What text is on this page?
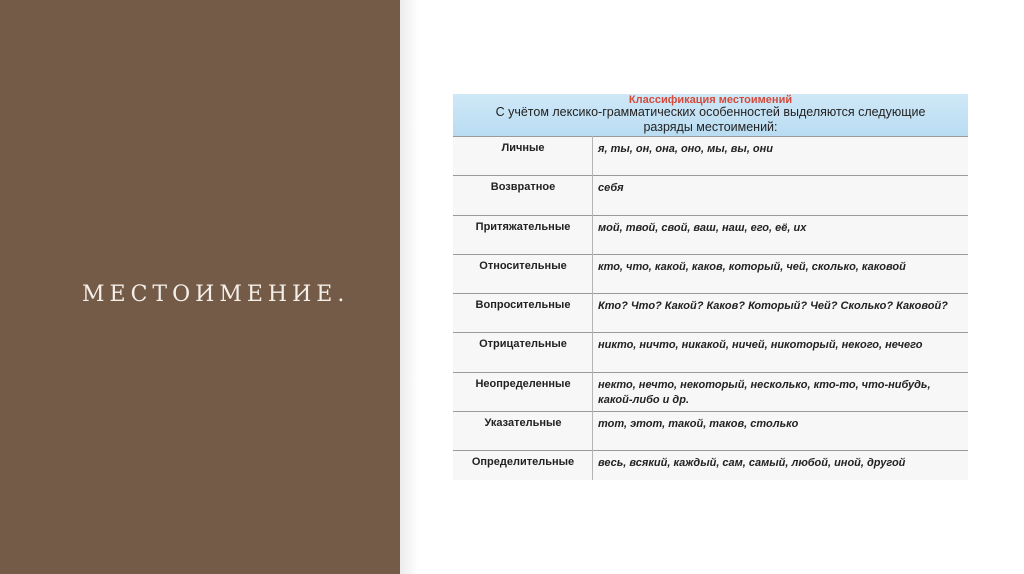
МЕСТОИМЕНИЕ.
Классификация местоимений
С учётом лексико-грамматических особенностей выделяются следующие разряды местоимений:
Личные	я, ты, он, она, оно, мы, вы, они
Возвратное	себя
Притяжательные	мой, твой, свой, ваш, наш, его, её, их
Относительные	кто, что, какой, каков, который, чей, сколько, каковой
Вопросительные	Кто? Что? Какой? Каков? Который? Чей? Сколько? Каковой?
Отрицательные	никто, ничто, никакой, ничей, никоторый, некого, нечего
Неопределенные	некто, нечто, некоторый, несколько, кто-то, что-нибудь, какой-либо и др.
Указательные	тот, этот, такой, таков, столько
Определительные	весь, всякий, каждый, сам, самый, любой, иной, другой
